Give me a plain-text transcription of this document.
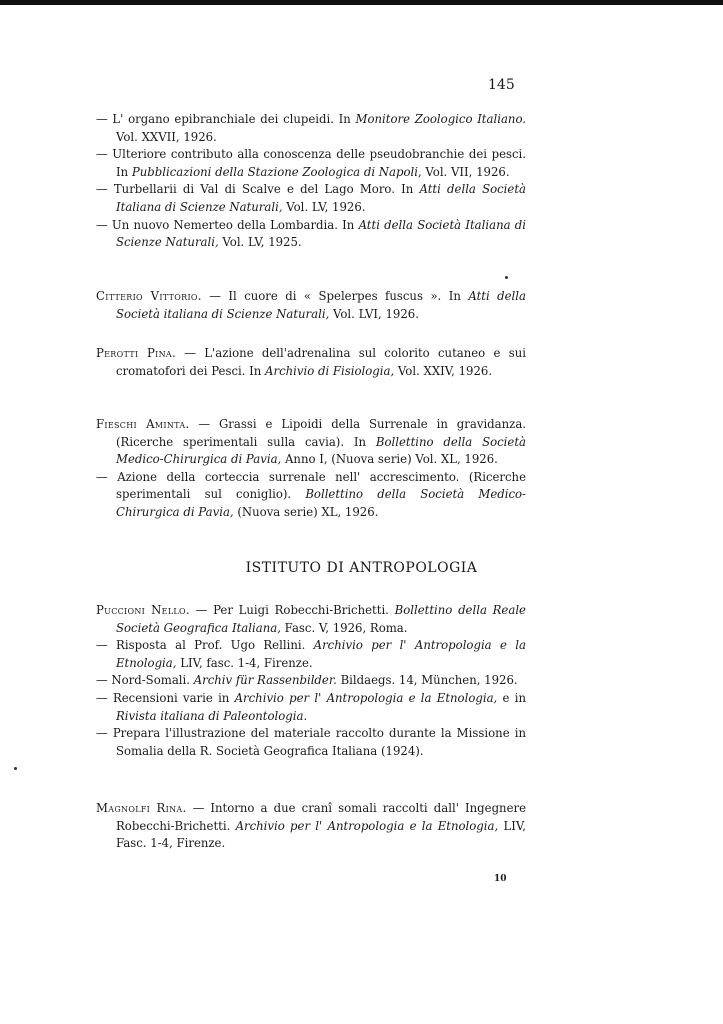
145
— L' organo epibranchiale dei clupeidi. In Monitore Zoologico Italiano. Vol. XXVII, 1926.
— Ulteriore contributo alla conoscenza delle pseudobranchie dei pesci. In Pubblicazioni della Stazione Zoologica di Napoli, Vol. VII, 1926.
— Turbellarii di Val di Scalve e del Lago Moro. In Atti della Società Italiana di Scienze Naturali, Vol. LV, 1926.
— Un nuovo Nemerteo della Lombardia. In Atti della Società Italiana di Scienze Naturali, Vol. LV, 1925.
Citterio Vittorio. — Il cuore di « Spelerpes fuscus ». In Atti della Società italiana di Scienze Naturali, Vol. LVI, 1926.
Perotti Pina. — L'azione dell'adrenalina sul colorito cutaneo e sui cromatofori dei Pesci. In Archivio di Fisiologia, Vol. XXIV, 1926.
Fieschi Aminta. — Grassi e Lipoidi della Surrenale in gravidanza. (Ricerche sperimentali sulla cavia). In Bollettino della Società Medico-Chirurgica di Pavia, Anno I, (Nuova serie) Vol. XL, 1926.
— Azione della corteccia surrenale nell' accrescimento. (Ricerche sperimentali sul coniglio). Bollettino della Società Medico-Chirurgica di Pavia, (Nuova serie) XL, 1926.
ISTITUTO DI ANTROPOLOGIA
Puccioni Nello. — Per Luigi Robecchi-Brichetti. Bollettino della Reale Società Geografica Italiana, Fasc. V, 1926, Roma.
— Risposta al Prof. Ugo Rellini. Archivio per l' Antropologia e la Etnologia, LIV, fasc. 1-4, Firenze.
— Nord-Somali. Archiv für Rassenbilder. Bildaegs. 14, München, 1926.
— Recensioni varie in Archivio per l' Antropologia e la Etnologia, e in Rivista italiana di Paleontologia.
— Prepara l'illustrazione del materiale raccolto durante la Missione in Somalia della R. Società Geografica Italiana (1924).
Magnolfi Rina. — Intorno a due cranî somali raccolti dall' Ingegnere Robecchi-Brichetti. Archivio per l' Antropologia e la Etnologia, LIV, Fasc. 1-4, Firenze.
10
